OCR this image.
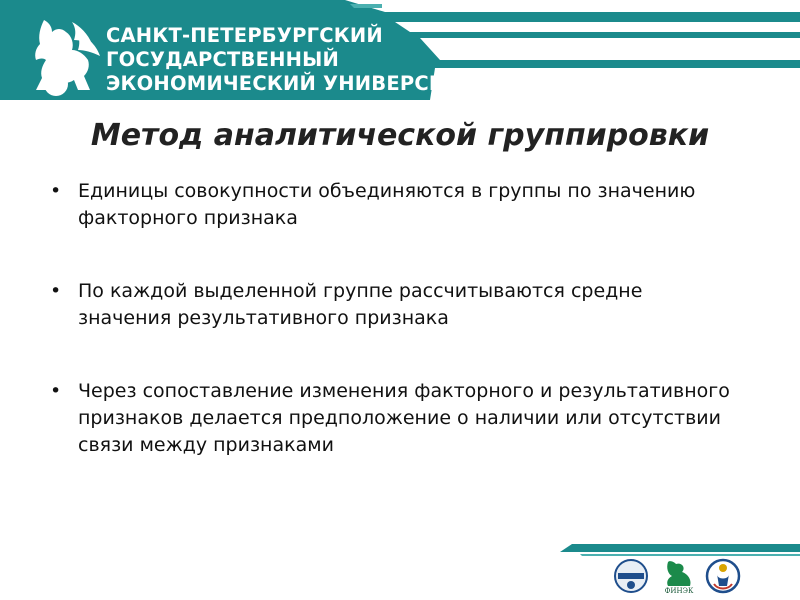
САНКТ-ПЕТЕРБУРГСКИЙ
ГОСУДАРСТВЕННЫЙ
ЭКОНОМИЧЕСКИЙ УНИВЕРСИТЕТ
Метод аналитической группировки
• Единицы совокупности объединяются в группы по значению факторного признака
• По каждой выделенной группе рассчитываются средне значения результативного признака
• Через сопоставление изменения факторного и результативного признаков делается предположение о наличии или отсутствии связи между признаками
ФИНЭК
